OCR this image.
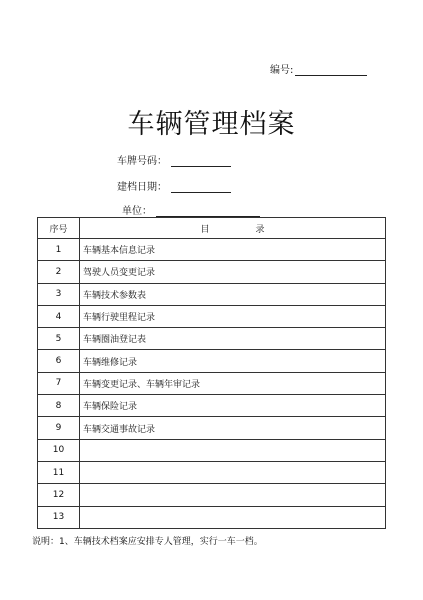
编号:
车辆管理档案
车牌号码：
建档日期：
单位：
序号	目 录
1	车辆基本信息记录
2	驾驶人员变更记录
3	车辆技术参数表
4	车辆行驶里程记录
5	车辆圈油登记表
6	车辆维修记录
7	车辆变更记录、车辆年审记录
8	车辆保险记录
9	车辆交通事故记录
10	
11	
12	
13	
说明：1、车辆技术档案应安排专人管理，实行一车一档。
